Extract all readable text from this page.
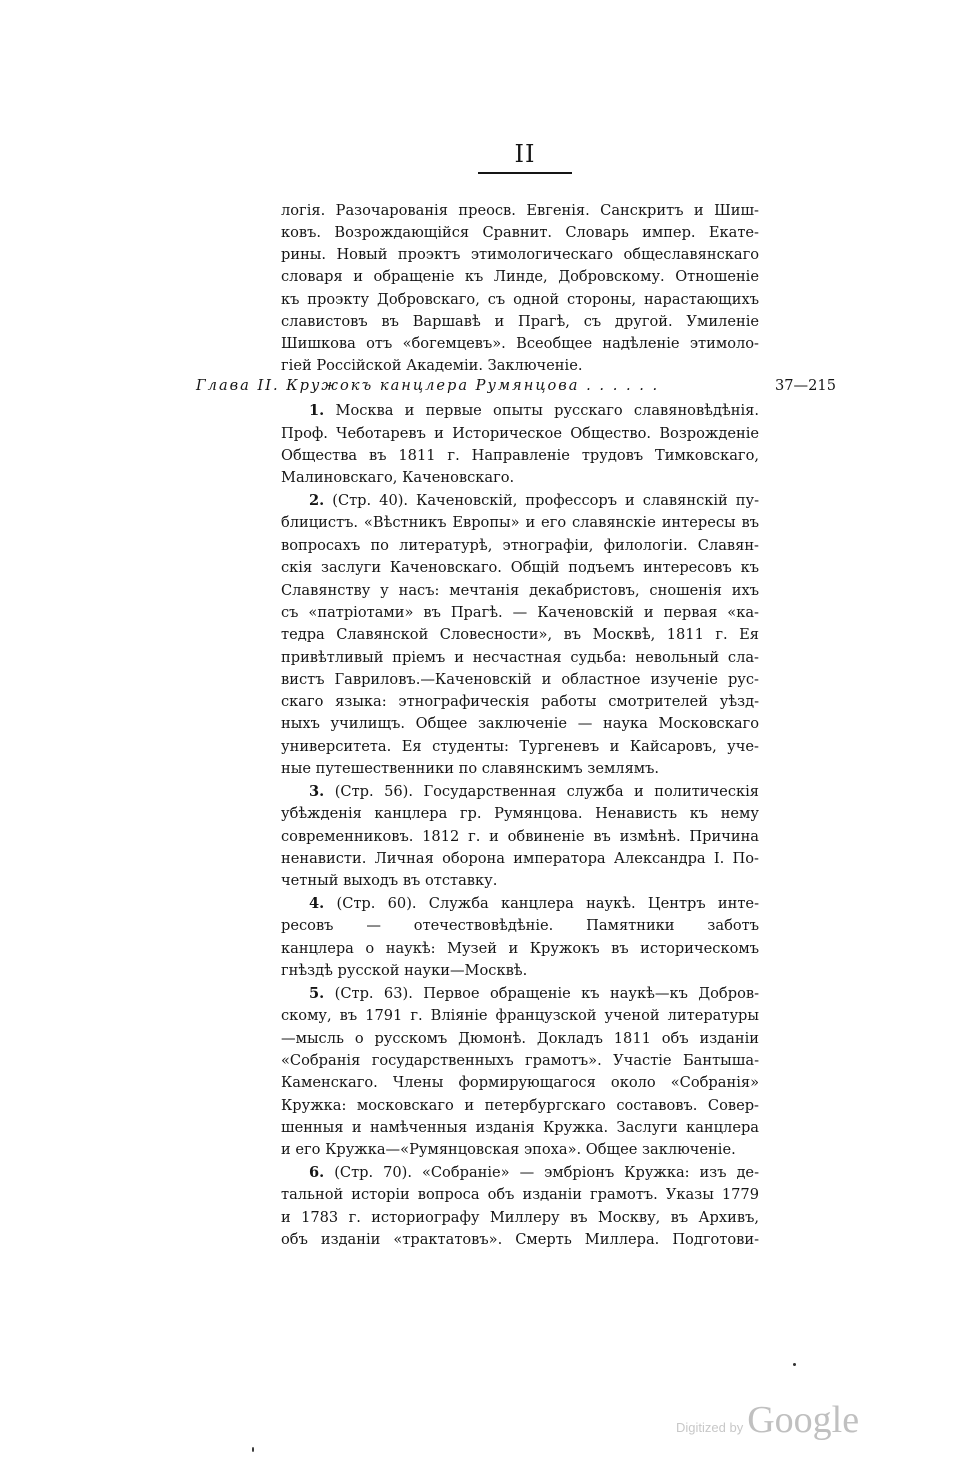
II
логія. Разочарованія преосв. Евгенія. Санскритъ и Шиш-
ковъ. Возрождающійся Сравнит. Словарь импер. Екате-
рины. Новый проэктъ этимологическаго общеславянскаго
словаря и обращеніе къ Линде, Добровскому. Отношеніе
къ проэкту Добровскаго, съ одной стороны, нарастающихъ
славистовъ въ Варшавѣ и Прагѣ, съ другой. Умиленіе
Шишкова отъ «богемцевъ». Всеобщее надѣленіе этимоло-
гіей Россійской Академіи. Заключеніе.
Глава II. Кружокъ канцлера Румянцова . . . . . .	37—215
1. Москва и первые опыты русскаго славяновѣдѣнія.
Проф. Чеботаревъ и Историческое Общество. Возрожденіе
Общества въ 1811 г. Направленіе трудовъ Тимковскаго,
Малиновскаго, Каченовскаго.
2. (Стр. 40). Каченовскій, профессоръ и славянскій пу-
блицистъ. «Вѣстникъ Европы» и его славянскіе интересы въ
вопросахъ по литературѣ, этнографіи, филологіи. Славян-
скія заслуги Каченовскаго. Общій подъемъ интересовъ къ
Славянству у насъ: мечтанія декабристовъ, сношенія ихъ
съ «патріотами» въ Прагѣ. — Каченовскій и первая «ка-
тедра Славянской Словесности», въ Москвѣ, 1811 г. Ея
привѣтливый пріемъ и несчастная судьба: невольный сла-
вистъ Гавриловъ.—Каченовскій и областное изученіе рус-
скаго языка: этнографическія работы смотрителей уѣзд-
ныхъ училищъ. Общее заключеніе — наука Московскаго
университета. Ея студенты: Тургеневъ и Кайсаровъ, уче-
ные путешественники по славянскимъ землямъ.
3. (Стр. 56). Государственная служба и политическія
убѣжденія канцлера гр. Румянцова. Ненависть къ нему
современниковъ. 1812 г. и обвиненіе въ измѣнѣ. Причина
ненависти. Личная оборона императора Александра I. По-
четный выходъ въ отставку.
4. (Стр. 60). Служба канцлера наукѣ. Центръ инте-
ресовъ — отечествовѣдѣніе. Памятники заботъ
канцлера о наукѣ: Музей и Кружокъ въ историческомъ
гнѣздѣ русской науки—Москвѣ.
5. (Стр. 63). Первое обращеніе къ наукѣ—къ Добров-
скому, въ 1791 г. Вліяніе французской ученой литературы
—мысль о русскомъ Дюмонѣ. Докладъ 1811 объ изданіи
«Собранія государственныхъ грамотъ». Участіе Бантыша-
Каменскаго. Члены формирующагося около «Собранія»
Кружка: московскаго и петербургскаго составовъ. Совер-
шенныя и намѣченныя изданія Кружка. Заслуги канцлера
и его Кружка—«Румянцовская эпоха». Общее заключеніе.
6. (Стр. 70). «Собраніе» — эмбріонъ Кружка: изъ де-
тальной исторіи вопроса объ изданіи грамотъ. Указы 1779
и 1783 г. историографу Миллеру въ Москву, въ Архивъ,
объ изданіи «трактатовъ». Смерть Миллера. Подготови-
Digitized by Google
